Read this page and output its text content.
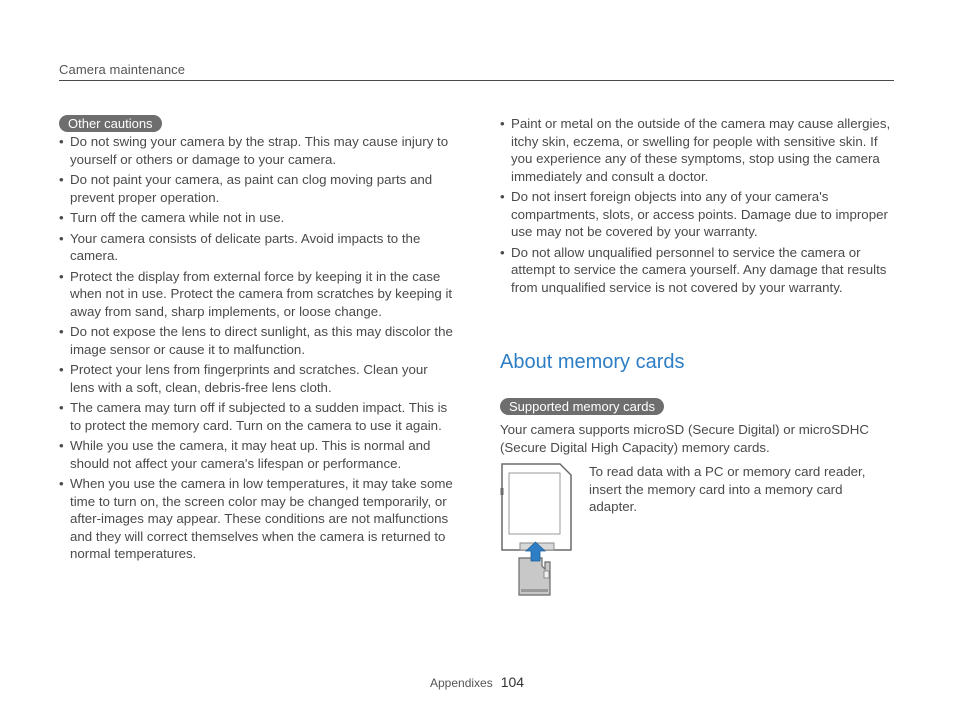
Camera maintenance
Other cautions
• Do not swing your camera by the strap. This may cause injury to yourself or others or damage to your camera.
• Do not paint your camera, as paint can clog moving parts and prevent proper operation.
• Turn off the camera while not in use.
• Your camera consists of delicate parts. Avoid impacts to the camera.
• Protect the display from external force by keeping it in the case when not in use. Protect the camera from scratches by keeping it away from sand, sharp implements, or loose change.
• Do not expose the lens to direct sunlight, as this may discolor the image sensor or cause it to malfunction.
• Protect your lens from fingerprints and scratches. Clean your lens with a soft, clean, debris-free lens cloth.
• The camera may turn off if subjected to a sudden impact. This is to protect the memory card. Turn on the camera to use it again.
• While you use the camera, it may heat up. This is normal and should not affect your camera's lifespan or performance.
• When you use the camera in low temperatures, it may take some time to turn on, the screen color may be changed temporarily, or after-images may appear. These conditions are not malfunctions and they will correct themselves when the camera is returned to normal temperatures.
• Paint or metal on the outside of the camera may cause allergies, itchy skin, eczema, or swelling for people with sensitive skin. If you experience any of these symptoms, stop using the camera immediately and consult a doctor.
• Do not insert foreign objects into any of your camera's compartments, slots, or access points. Damage due to improper use may not be covered by your warranty.
• Do not allow unqualified personnel to service the camera or attempt to service the camera yourself. Any damage that results from unqualified service is not covered by your warranty.
About memory cards
Supported memory cards
Your camera supports microSD (Secure Digital) or microSDHC (Secure Digital High Capacity) memory cards.
To read data with a PC or memory card reader, insert the memory card into a memory card adapter.
Appendixes 104
